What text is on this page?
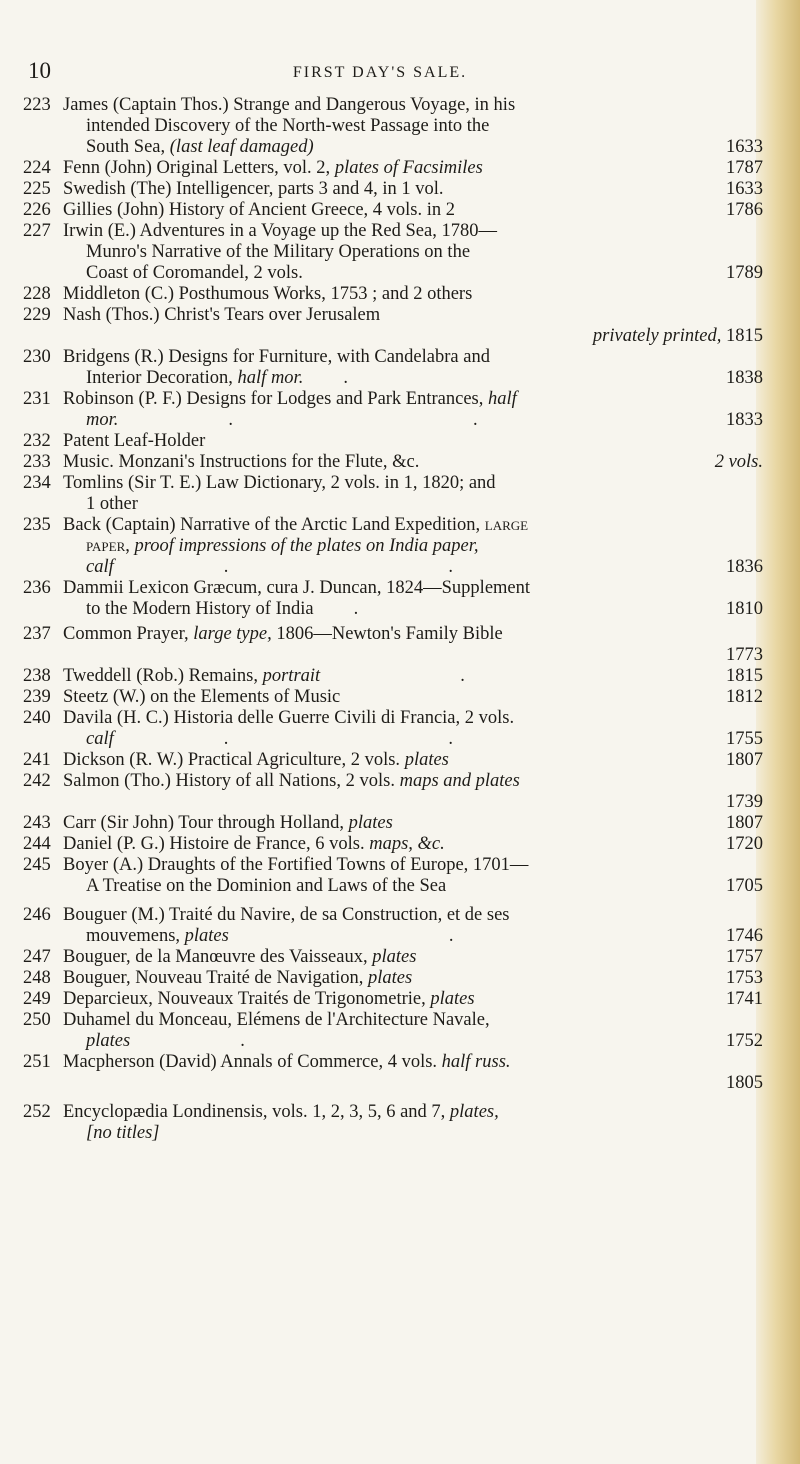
10	FIRST DAY'S SALE.
223 James (Captain Thos.) Strange and Dangerous Voyage, in his
intended Discovery of the North-west Passage into the
South Sea, (last leaf damaged)	1633
224 Fenn (John) Original Letters, vol. 2, plates of Facsimiles	1787
225 Swedish (The) Intelligencer, parts 3 and 4, in 1 vol.	1633
226 Gillies (John) History of Ancient Greece, 4 vols. in 2	1786
227 Irwin (E.) Adventures in a Voyage up the Red Sea, 1780—
Munro's Narrative of the Military Operations on the
Coast of Coromandel, 2 vols.	1789
228 Middleton (C.) Posthumous Works, 1753 ; and 2 others
229 Nash (Thos.) Christ's Tears over Jerusalem
privately printed, 1815

230 Bridgens (R.) Designs for Furniture, with Candelabra and
Interior Decoration, half mor. .	1838
231 Robinson (P. F.) Designs for Lodges and Park Entrances, half
mor.	.	.	1833
232 Patent Leaf-Holder
233 Music. Monzani's Instructions for the Flute, &c.	2 vols.
234 Tomlins (Sir T. E.) Law Dictionary, 2 vols. in 1, 1820; and
1 other
235 Back (Captain) Narrative of the Arctic Land Expedition, large
paper, proof impressions of the plates on India paper,
calf	.	.	1836
236 Dammii Lexicon Græcum, cura J. Duncan, 1824—Supplement
to the Modern History of India .	1810
237 Common Prayer, large type, 1806—Newton's Family Bible
1773

238 Tweddell (Rob.) Remains, portrait	.	1815
239 Steetz (W.) on the Elements of Music	1812
240 Davila (H. C.) Historia delle Guerre Civili di Francia, 2 vols.
calf	.	.	1755
241 Dickson (R. W.) Practical Agriculture, 2 vols. plates	1807
242 Salmon (Tho.) History of all Nations, 2 vols. maps and plates
1739

243 Carr (Sir John) Tour through Holland, plates	1807
244 Daniel (P. G.) Histoire de France, 6 vols. maps, &c.	1720
245 Boyer (A.) Draughts of the Fortified Towns of Europe, 1701—
A Treatise on the Dominion and Laws of the Sea	1705
246 Bouguer (M.) Traité du Navire, de sa Construction, et de ses
mouvemens, plates	.	1746
247 Bouguer, de la Manœuvre des Vaisseaux, plates	1757
248 Bouguer, Nouveau Traité de Navigation, plates	1753
249 Deparcieux, Nouveaux Traités de Trigonometrie, plates	1741
250 Duhamel du Monceau, Elémens de l'Architecture Navale,
plates	.	1752
251 Macpherson (David) Annals of Commerce, 4 vols. half russ.
1805

252 Encyclopædia Londinensis, vols. 1, 2, 3, 5, 6 and 7, plates,
[no titles]
